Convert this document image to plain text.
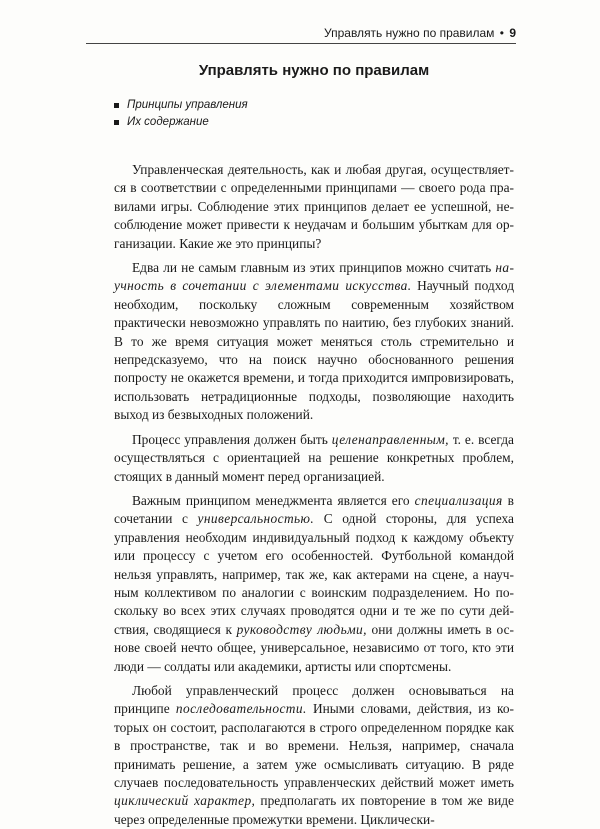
Управлять нужно по правилам • 9
Управлять нужно по правилам
Принципы управления
Их содержание

Управленческая деятельность, как и любая другая, осуществляется в соответствии с определенными принципами — своего рода правилами игры. Соблюдение этих принципов делает ее успешной, несоблюдение может привести к неудачам и большим убыткам для организации. Какие же это принципы?

Едва ли не самым главным из этих принципов можно считать научность в сочетании с элементами искусства. Научный подход необходим, поскольку сложным современным хозяйством практически невозможно управлять по наитию, без глубоких знаний. В то же время ситуация может меняться столь стремительно и непредсказуемо, что на поиск научно обоснованного решения попросту не окажется времени, и тогда приходится импровизировать, использовать нетрадиционные подходы, позволяющие находить выход из безвыходных положений.

Процесс управления должен быть целенаправленным, т. е. всегда осуществляться с ориентацией на решение конкретных проблем, стоящих в данный момент перед организацией.

Важным принципом менеджмента является его специализация в сочетании с универсальностью. С одной стороны, для успеха управления необходим индивидуальный подход к каждому объекту или процессу с учетом его особенностей. Футбольной командой нельзя управлять, например, так же, как актерами на сцене, а научным коллективом по аналогии с воинским подразделением. Но поскольку во всех этих случаях проводятся одни и те же по сути действия, сводящиеся к руководству людьми, они должны иметь в основе своей нечто общее, универсальное, независимо от того, кто эти люди — солдаты или академики, артисты или спортсмены.

Любой управленческий процесс должен основываться на принципе последовательности. Иными словами, действия, из которых он состоит, располагаются в строго определенном порядке как в пространстве, так и во времени. Нельзя, например, сначала принимать решение, а затем уже осмысливать ситуацию. В ряде случаев последовательность управленческих действий может иметь циклический характер, предполагать их повторение в том же виде через определенные промежутки времени. Циклически-
